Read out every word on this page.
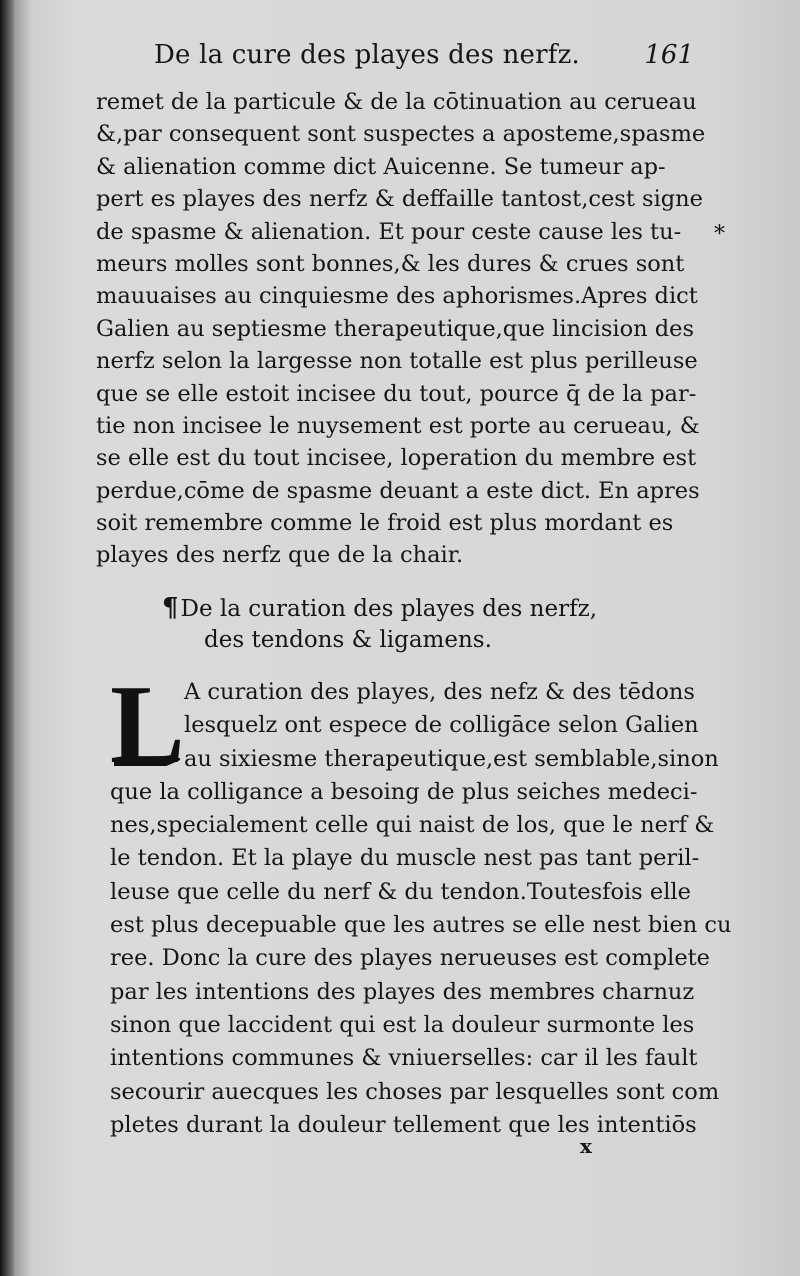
De la cure des playes des nerfz. 161
*
remet de la particule & de la cōtinuation au cerueau
&,par consequent sont suspectes a aposteme,spasme
& alienation comme dict Auicenne. Se tumeur ap-
pert es playes des nerfz & deffaille tantost,cest signe
de spasme & alienation. Et pour ceste cause les tu-
meurs molles sont bonnes,& les dures & crues sont
mauuaises au cinquiesme des aphorismes.Apres dict
Galien au septiesme therapeutique,que lincision des
nerfz selon la largesse non totalle est plus perilleuse
que se elle estoit incisee du tout, pource q̄ de la par-
tie non incisee le nuysement est porte au cerueau, &
se elle est du tout incisee, loperation du membre est
perdue,cōme de spasme deuant a este dict. En apres
soit remembre comme le froid est plus mordant es
playes des nerfz que de la chair.
¶De la curation des playes des nerfz,
des tendons & ligamens.
L A curation des playes, des nefz & des tēdons
lesquelz ont espece de colligāce selon Galien
au sixiesme therapeutique,est semblable,sinon
que la colligance a besoing de plus seiches medeci-
nes,specialement celle qui naist de los, que le nerf &
le tendon. Et la playe du muscle nest pas tant peril-
leuse que celle du nerf & du tendon.Toutesfois elle
est plus decepuable que les autres se elle nest bien cu
ree. Donc la cure des playes nerueuses est complete
par les intentions des playes des membres charnuz
sinon que laccident qui est la douleur surmonte les
intentions communes & vniuerselles: car il les fault
secourir auecques les choses par lesquelles sont com
pletes durant la douleur tellement que les intentiōs
x
